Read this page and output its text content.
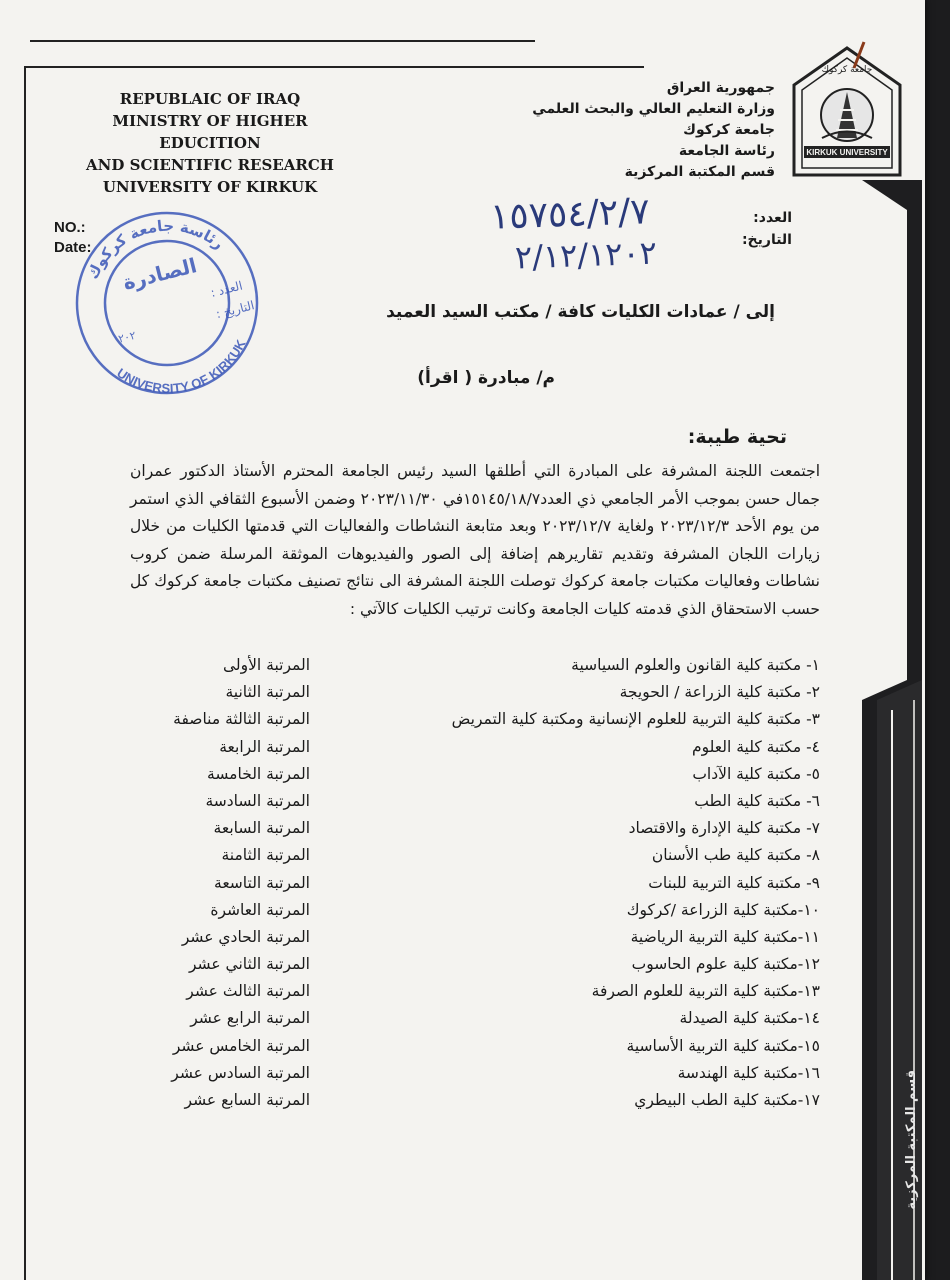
REPUBLAIC OF IRAQ
MINISTRY OF HIGHER
EDUCITION
AND SCIENTIFIC RESEARCH
UNIVERSITY OF KIRKUK
جمهورية العراق
وزارة التعليم العالي والبحث العلمي
جامعة كركوك
رئاسة الجامعة
قسم المكتبة المركزية
جامعة كركوك
KIRKUK UNIVERSITY
NO.:
Date:
العدد:
التاريخ:
١٥٧٥٤/٢/٧
٢/١٢/١٢٠٢
رئاسة جامعة كركوك
UNIVERSITY OF KIRKUK
الصادرة العدد :
التاريخ :
٢٠٢
إلى / عمادات الكليات كافة / مكتب السيد العميد
م/ مبادرة ( اقرأ)
تحية طيبة:

اجتمعت اللجنة المشرفة على المبادرة التي أطلقها السيد رئيس الجامعة المحترم الأستاذ الدكتور عمران جمال حسن بموجب الأمر الجامعي ذي العدد١٥١٤٥/١٨/٧في ٢٠٢٣/١١/٣٠ وضمن الأسبوع الثقافي الذي استمر من يوم الأحد ٢٠٢٣/١٢/٣ ولغاية ٢٠٢٣/١٢/٧ وبعد متابعة النشاطات والفعاليات التي قدمتها الكليات من خلال زيارات اللجان المشرفة وتقديم تقاريرهم إضافة إلى الصور والفيديوهات الموثقة المرسلة ضمن كروب نشاطات وفعاليات مكتبات جامعة كركوك توصلت اللجنة المشرفة الى نتائج تصنيف مكتبات جامعة كركوك كل حسب الاستحقاق الذي قدمته كليات الجامعة وكانت ترتيب الكليات كالآتي :

١- مكتبة كلية القانون والعلوم السياسية
المرتبة الأولى
٢- مكتبة كلية الزراعة / الحويجة
المرتبة الثانية
٣- مكتبة كلية التربية للعلوم الإنسانية ومكتبة كلية التمريض
المرتبة الثالثة مناصفة
٤- مكتبة كلية العلوم
المرتبة الرابعة
٥- مكتبة كلية الآداب
المرتبة الخامسة
٦- مكتبة كلية الطب
المرتبة السادسة
٧- مكتبة كلية الإدارة والاقتصاد
المرتبة السابعة
٨- مكتبة كلية طب الأسنان
المرتبة الثامنة
٩- مكتبة كلية التربية للبنات
المرتبة التاسعة
١٠-مكتبة كلية الزراعة /كركوك
المرتبة العاشرة
١١-مكتبة كلية التربية الرياضية
المرتبة الحادي عشر
١٢-مكتبة كلية علوم الحاسوب
المرتبة الثاني عشر
١٣-مكتبة كلية التربية للعلوم الصرفة
المرتبة الثالث عشر
١٤-مكتبة كلية الصيدلة
المرتبة الرابع عشر
١٥-مكتبة كلية التربية الأساسية
المرتبة الخامس عشر
١٦-مكتبة كلية الهندسة
المرتبة السادس عشر
١٧-مكتبة كلية الطب البيطري
المرتبة السابع عشر	قسم المكتبة المركزية
